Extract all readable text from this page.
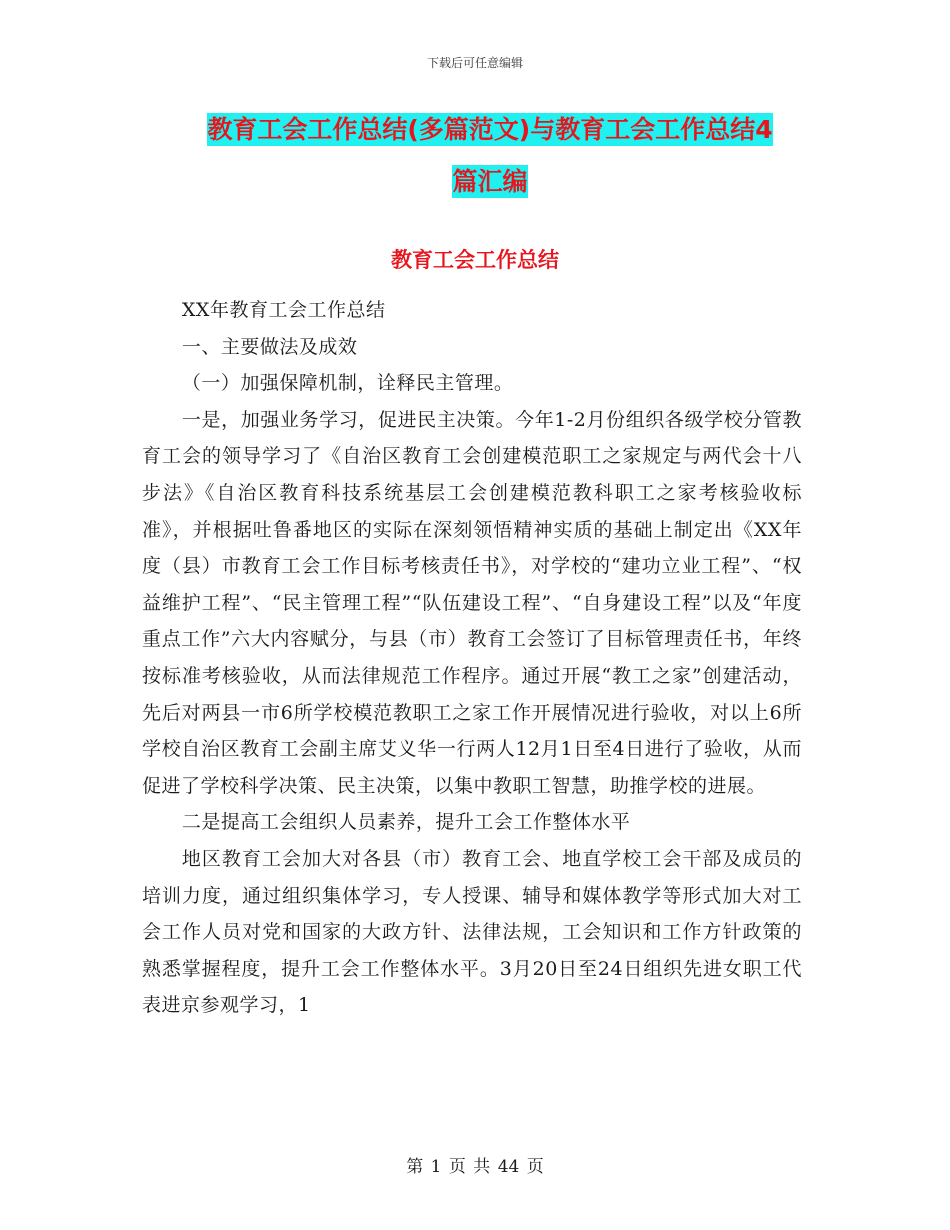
下载后可任意编辑
教育工会工作总结(多篇范文)与教育工会工作总结4
篇汇编
教育工会工作总结

XX年教育工会工作总结

一、主要做法及成效

（一）加强保障机制，诠释民主管理。

一是，加强业务学习，促进民主决策。今年1-2月份组织各级学校分管教育工会的领导学习了《自治区教育工会创建模范职工之家规定与两代会十八步法》《自治区教育科技系统基层工会创建模范教科职工之家考核验收标准》，并根据吐鲁番地区的实际在深刻领悟精神实质的基础上制定出《XX年度（县）市教育工会工作目标考核责任书》，对学校的“建功立业工程”、“权益维护工程”、“民主管理工程”“队伍建设工程”、“自身建设工程”以及“年度重点工作”六大内容赋分，与县（市）教育工会签订了目标管理责任书，年终按标准考核验收，从而法律规范工作程序。通过开展“教工之家”创建活动，先后对两县一市6所学校模范教职工之家工作开展情况进行验收，对以上6所学校自治区教育工会副主席艾义华一行两人12月1日至4日进行了验收，从而促进了学校科学决策、民主决策，以集中教职工智慧，助推学校的进展。

二是提高工会组织人员素养，提升工会工作整体水平

地区教育工会加大对各县（市）教育工会、地直学校工会干部及成员的培训力度，通过组织集体学习，专人授课、辅导和媒体教学等形式加大对工会工作人员对党和国家的大政方针、法律法规，工会知识和工作方针政策的熟悉掌握程度，提升工会工作整体水平。3月20日至24日组织先进女职工代表进京参观学习，1

第 1 页 共 44 页
